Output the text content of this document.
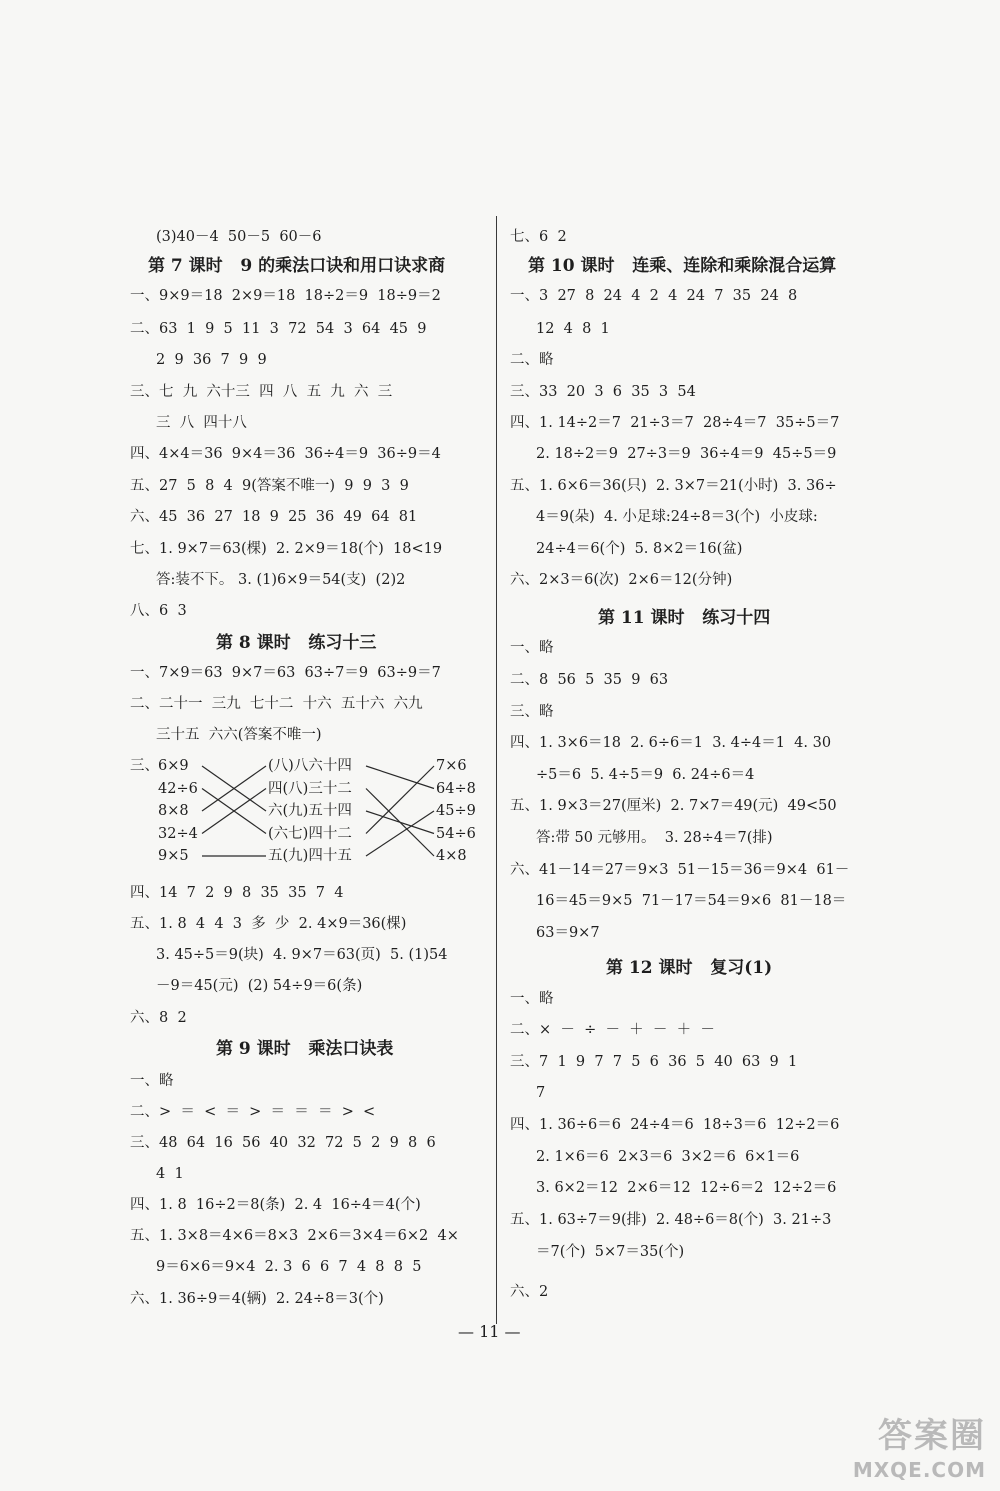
(3)40－4  50－5  60－6
第 7 课时   9 的乘法口诀和用口诀求商
一、9×9＝18  2×9＝18  18÷2＝9  18÷9＝2
二、63  1  9  5  11  3  72  54  3  64  45  9
2  9  36  7  9  9
三、七  九  六十三  四  八  五  九  六  三
三  八  四十八
四、4×4＝36  9×4＝36  36÷4＝9  36÷9＝4
五、27  5  8  4  9(答案不唯一)  9  9  3  9
六、45  36  27  18  9  25  36  49  64  81
七、1. 9×7＝63(棵)  2. 2×9＝18(个)  18<19
答:装不下。 3. (1)6×9＝54(支)  (2)2
八、6  3
第 8 课时   练习十三
一、7×9＝63  9×7＝63  63÷7＝9  63÷9＝7
二、二十一  三九  七十二  十六  五十六  六九
三十五  六六(答案不唯一)
四、14  7  2  9  8  35  35  7  4
五、1. 8  4  4  3  多  少  2. 4×9＝36(棵)
3. 45÷5＝9(块)  4. 9×7＝63(页)  5. (1)54
－9＝45(元)  (2) 54÷9＝6(条)
六、8  2
第 9 课时   乘法口诀表
一、略
二、>  ＝  <  ＝  >  ＝  ＝  ＝  >  <
三、48  64  16  56  40  32  72  5  2  9  8  6
4  1
四、1. 8  16÷2＝8(条)  2. 4  16÷4＝4(个)
五、1. 3×8＝4×6＝8×3  2×6＝3×4＝6×2  4×
9＝6×6＝9×4  2. 3  6  6  7  4  8  8  5
六、1. 36÷9＝4(辆)  2. 24÷8＝3(个)
三、 6×9
42÷6
8×8
32÷4
9×5
(八)八六十四
四(八)三十二
六(九)五十四
(六七)四十二
五(九)四十五
7×6
64÷8
45÷9
54÷6
4×8
七、6  2
第 10 课时   连乘、连除和乘除混合运算
一、3  27  8  24  4  2  4  24  7  35  24  8
12  4  8  1
二、略
三、33  20  3  6  35  3  54
四、1. 14÷2＝7  21÷3＝7  28÷4＝7  35÷5＝7
2. 18÷2＝9  27÷3＝9  36÷4＝9  45÷5＝9
五、1. 6×6＝36(只)  2. 3×7＝21(小时)  3. 36÷
4＝9(朵)  4. 小足球:24÷8＝3(个)  小皮球:
24÷4＝6(个)  5. 8×2＝16(盆)
六、2×3＝6(次)  2×6＝12(分钟)
第 11 课时   练习十四
一、略
二、8  56  5  35  9  63
三、略
四、1. 3×6＝18  2. 6÷6＝1  3. 4÷4＝1  4. 30
÷5＝6  5. 4÷5＝9  6. 24÷6＝4
五、1. 9×3＝27(厘米)  2. 7×7＝49(元)  49<50
答:带 50 元够用。  3. 28÷4＝7(排)
六、41－14＝27＝9×3  51－15＝36＝9×4  61－
16＝45＝9×5  71－17＝54＝9×6  81－18＝
63＝9×7
第 12 课时   复习(1)
一、略
二、×  －  ÷  －  ＋  －  ＋  －
三、7  1  9  7  7  5  6  36  5  40  63  9  1
7
四、1. 36÷6＝6  24÷4＝6  18÷3＝6  12÷2＝6
2. 1×6＝6  2×3＝6  3×2＝6  6×1＝6
3. 6×2＝12  2×6＝12  12÷6＝2  12÷2＝6
五、1. 63÷7＝9(排)  2. 48÷6＝8(个)  3. 21÷3
＝7(个)  5×7＝35(个)
六、2
— 11 —
答案圈
MXQE.COM
